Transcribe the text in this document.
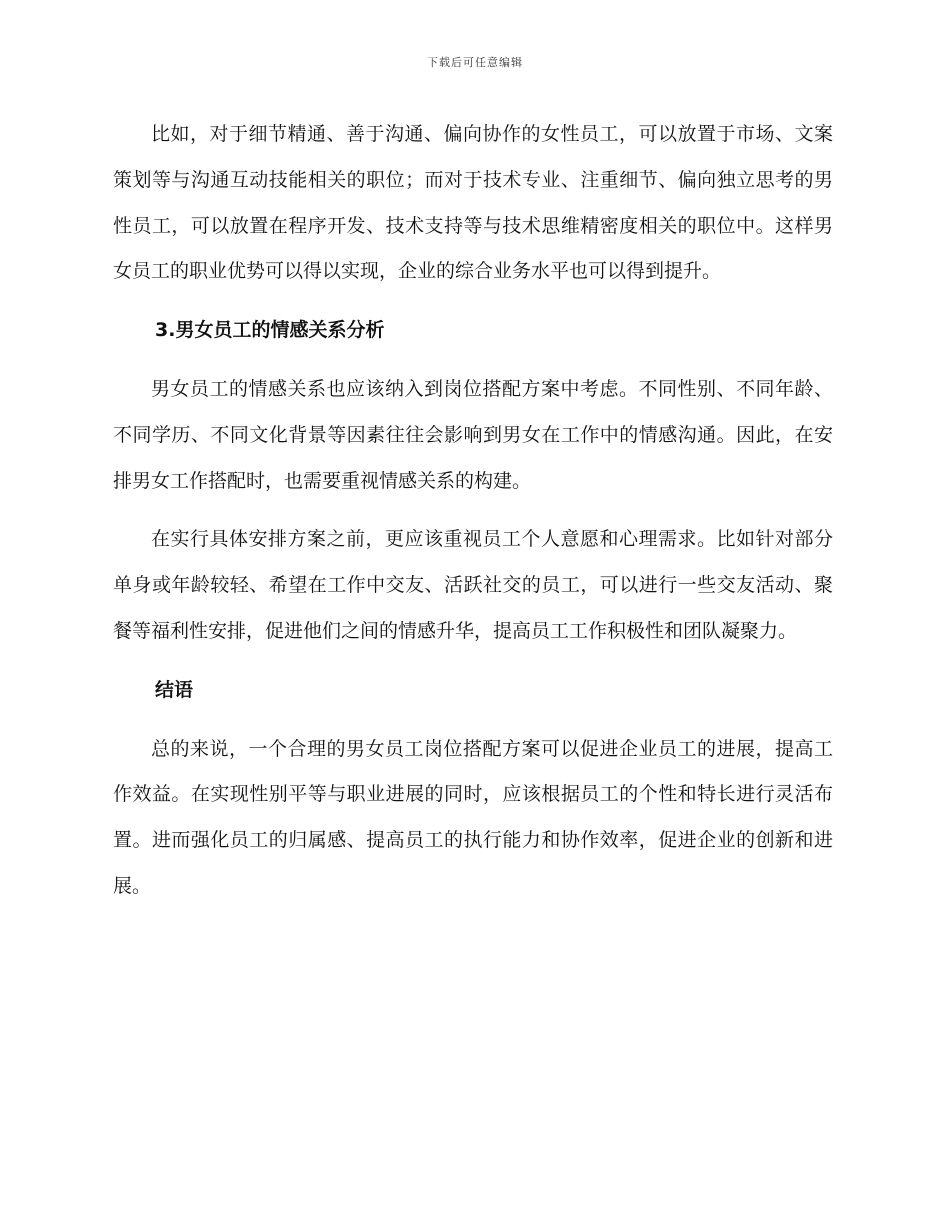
下载后可任意编辑

比如，对于细节精通、善于沟通、偏向协作的女性员工，可以放置于市场、文案策划等与沟通互动技能相关的职位；而对于技术专业、注重细节、偏向独立思考的男性员工，可以放置在程序开发、技术支持等与技术思维精密度相关的职位中。这样男女员工的职业优势可以得以实现，企业的综合业务水平也可以得到提升。

3.男女员工的情感关系分析

男女员工的情感关系也应该纳入到岗位搭配方案中考虑。不同性别、不同年龄、不同学历、不同文化背景等因素往往会影响到男女在工作中的情感沟通。因此，在安排男女工作搭配时，也需要重视情感关系的构建。

在实行具体安排方案之前，更应该重视员工个人意愿和心理需求。比如针对部分单身或年龄较轻、希望在工作中交友、活跃社交的员工，可以进行一些交友活动、聚餐等福利性安排，促进他们之间的情感升华，提高员工工作积极性和团队凝聚力。

结语

总的来说，一个合理的男女员工岗位搭配方案可以促进企业员工的进展，提高工作效益。在实现性别平等与职业进展的同时，应该根据员工的个性和特长进行灵活布置。进而强化员工的归属感、提高员工的执行能力和协作效率，促进企业的创新和进展。
